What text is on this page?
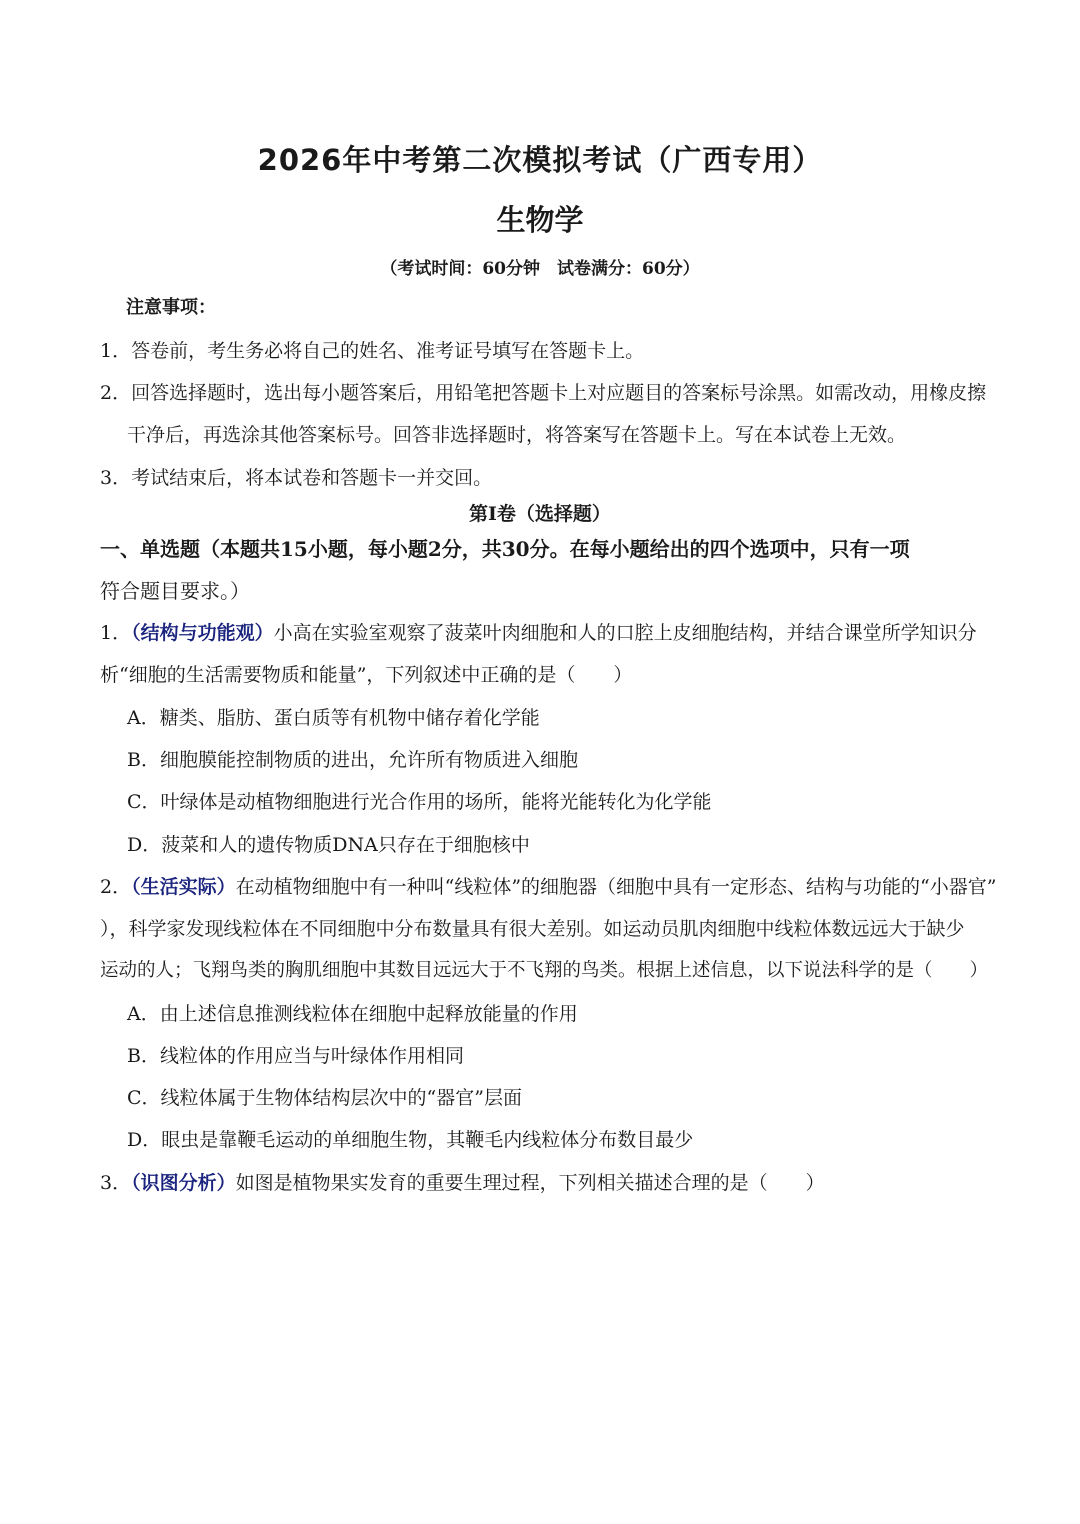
2026年中考第二次模拟考试（广西专用）
生物学
（考试时间：60分钟　试卷满分：60分）
注意事项：
1．答卷前，考生务必将自己的姓名、准考证号填写在答题卡上。
2．回答选择题时，选出每小题答案后，用铅笔把答题卡上对应题目的答案标号涂黑。如需改动，用橡皮擦
干净后，再选涂其他答案标号。回答非选择题时，将答案写在答题卡上。写在本试卷上无效。
3．考试结束后，将本试卷和答题卡一并交回。
第Ⅰ卷（选择题）
一、单选题（本题共15小题，每小题2分，共30分。在每小题给出的四个选项中，只有一项
符合题目要求。）
1．（结构与功能观）小高在实验室观察了菠菜叶肉细胞和人的口腔上皮细胞结构，并结合课堂所学知识分
析“细胞的生活需要物质和能量”，下列叙述中正确的是（　　）
A．糖类、脂肪、蛋白质等有机物中储存着化学能
B．细胞膜能控制物质的进出，允许所有物质进入细胞
C．叶绿体是动植物细胞进行光合作用的场所，能将光能转化为化学能
D．菠菜和人的遗传物质DNA只存在于细胞核中
2．（生活实际）在动植物细胞中有一种叫“线粒体”的细胞器（细胞中具有一定形态、结构与功能的“小器官”
），科学家发现线粒体在不同细胞中分布数量具有很大差别。如运动员肌肉细胞中线粒体数远远大于缺少
运动的人；飞翔鸟类的胸肌细胞中其数目远远大于不飞翔的鸟类。根据上述信息，以下说法科学的是（　　）
A．由上述信息推测线粒体在细胞中起释放能量的作用
B．线粒体的作用应当与叶绿体作用相同
C．线粒体属于生物体结构层次中的“器官”层面
D．眼虫是靠鞭毛运动的单细胞生物，其鞭毛内线粒体分布数目最少
3．（识图分析）如图是植物果实发育的重要生理过程，下列相关描述合理的是（　　）
